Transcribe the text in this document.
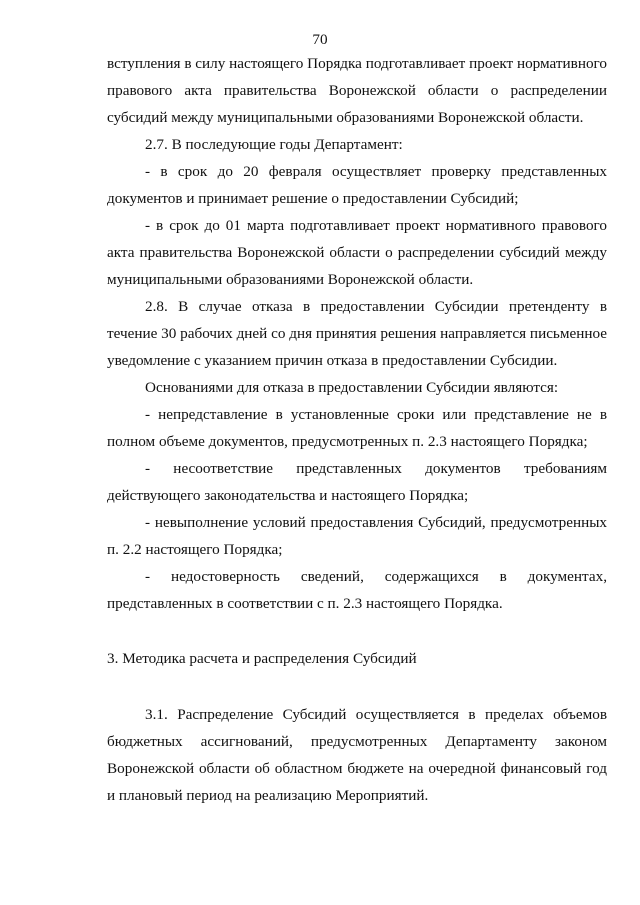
70

вступления в силу настоящего Порядка подготавливает проект нормативного правового акта правительства Воронежской области о распределении субсидий между муниципальными образованиями Воронежской области.

2.7. В последующие годы Департамент:

- в срок до 20 февраля осуществляет проверку представленных документов и принимает решение о предоставлении Субсидий;

- в срок до 01 марта подготавливает проект нормативного правового акта правительства Воронежской области о распределении субсидий между муниципальными образованиями Воронежской области.

2.8. В случае отказа в предоставлении Субсидии претенденту в течение 30 рабочих дней со дня принятия решения направляется письменное уведомление с указанием причин отказа в предоставлении Субсидии.

Основаниями для отказа в предоставлении Субсидии являются:

- непредставление в установленные сроки или представление не в полном объеме документов, предусмотренных п. 2.3 настоящего Порядка;

- несоответствие представленных документов требованиям действующего законодательства и настоящего Порядка;

- невыполнение условий предоставления Субсидий, предусмотренных п. 2.2 настоящего Порядка;

- недостоверность сведений, содержащихся в документах, представленных в соответствии с п. 2.3 настоящего Порядка.

3. Методика расчета и распределения Субсидий

3.1. Распределение Субсидий осуществляется в пределах объемов бюджетных ассигнований, предусмотренных Департаменту законом Воронежской области об областном бюджете на очередной финансовый год и плановый период на реализацию Мероприятий.
